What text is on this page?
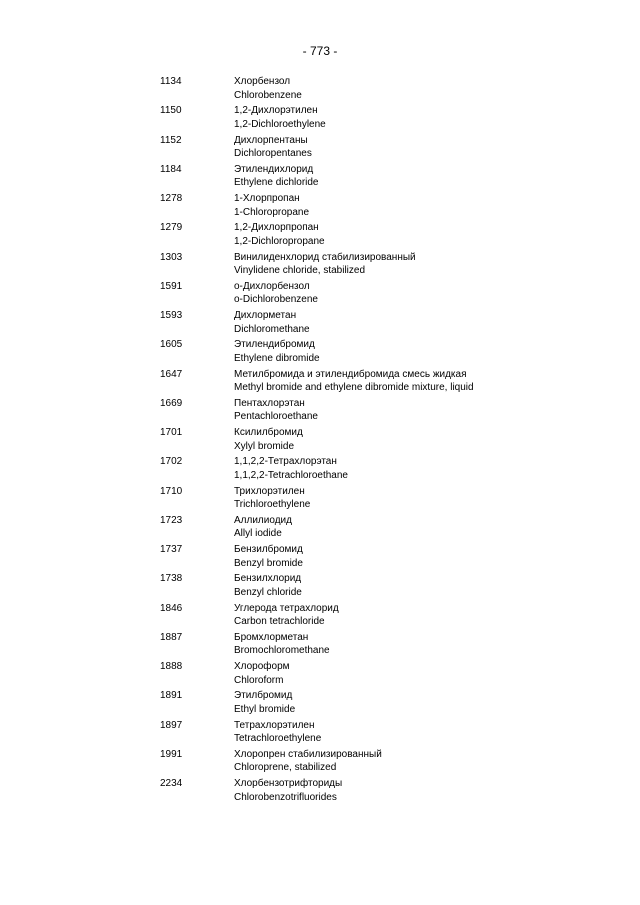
- 773 -
1134	Хлорбензол
Chlorobenzene
1150	1,2-Дихлорэтилен
1,2-Dichloroethylene
1152	Дихлорпентаны
Dichloropentanes
1184	Этилендихлорид
Ethylene dichloride
1278	1-Хлорпропан
1-Chloropropane
1279	1,2-Дихлорпропан
1,2-Dichloropropane
1303	Винилиденхлорид стабилизированный
Vinylidene chloride, stabilized
1591	о-Дихлорбензол
o-Dichlorobenzene
1593	Дихлорметан
Dichloromethane
1605	Этилендибромид
Ethylene dibromide
1647	Метилбромида и этилендибромида смесь жидкая
Methyl bromide and ethylene dibromide mixture, liquid
1669	Пентахлорэтан
Pentachloroethane
1701	Ксилилбромид
Xylyl bromide
1702	1,1,2,2-Тетрахлорэтан
1,1,2,2-Tetrachloroethane
1710	Трихлорэтилен
Trichloroethylene
1723	Аллилиодид
Allyl iodide
1737	Бензилбромид
Benzyl bromide
1738	Бензилхлорид
Benzyl chloride
1846	Углерода тетрахлорид
Carbon tetrachloride
1887	Бромхлорметан
Bromochloromethane
1888	Хлороформ
Chloroform
1891	Этилбромид
Ethyl bromide
1897	Тетрахлорэтилен
Tetrachloroethylene
1991	Хлоропрен стабилизированный
Chloroprene, stabilized
2234	Хлорбензотрифториды
Chlorobenzotrifluorides
